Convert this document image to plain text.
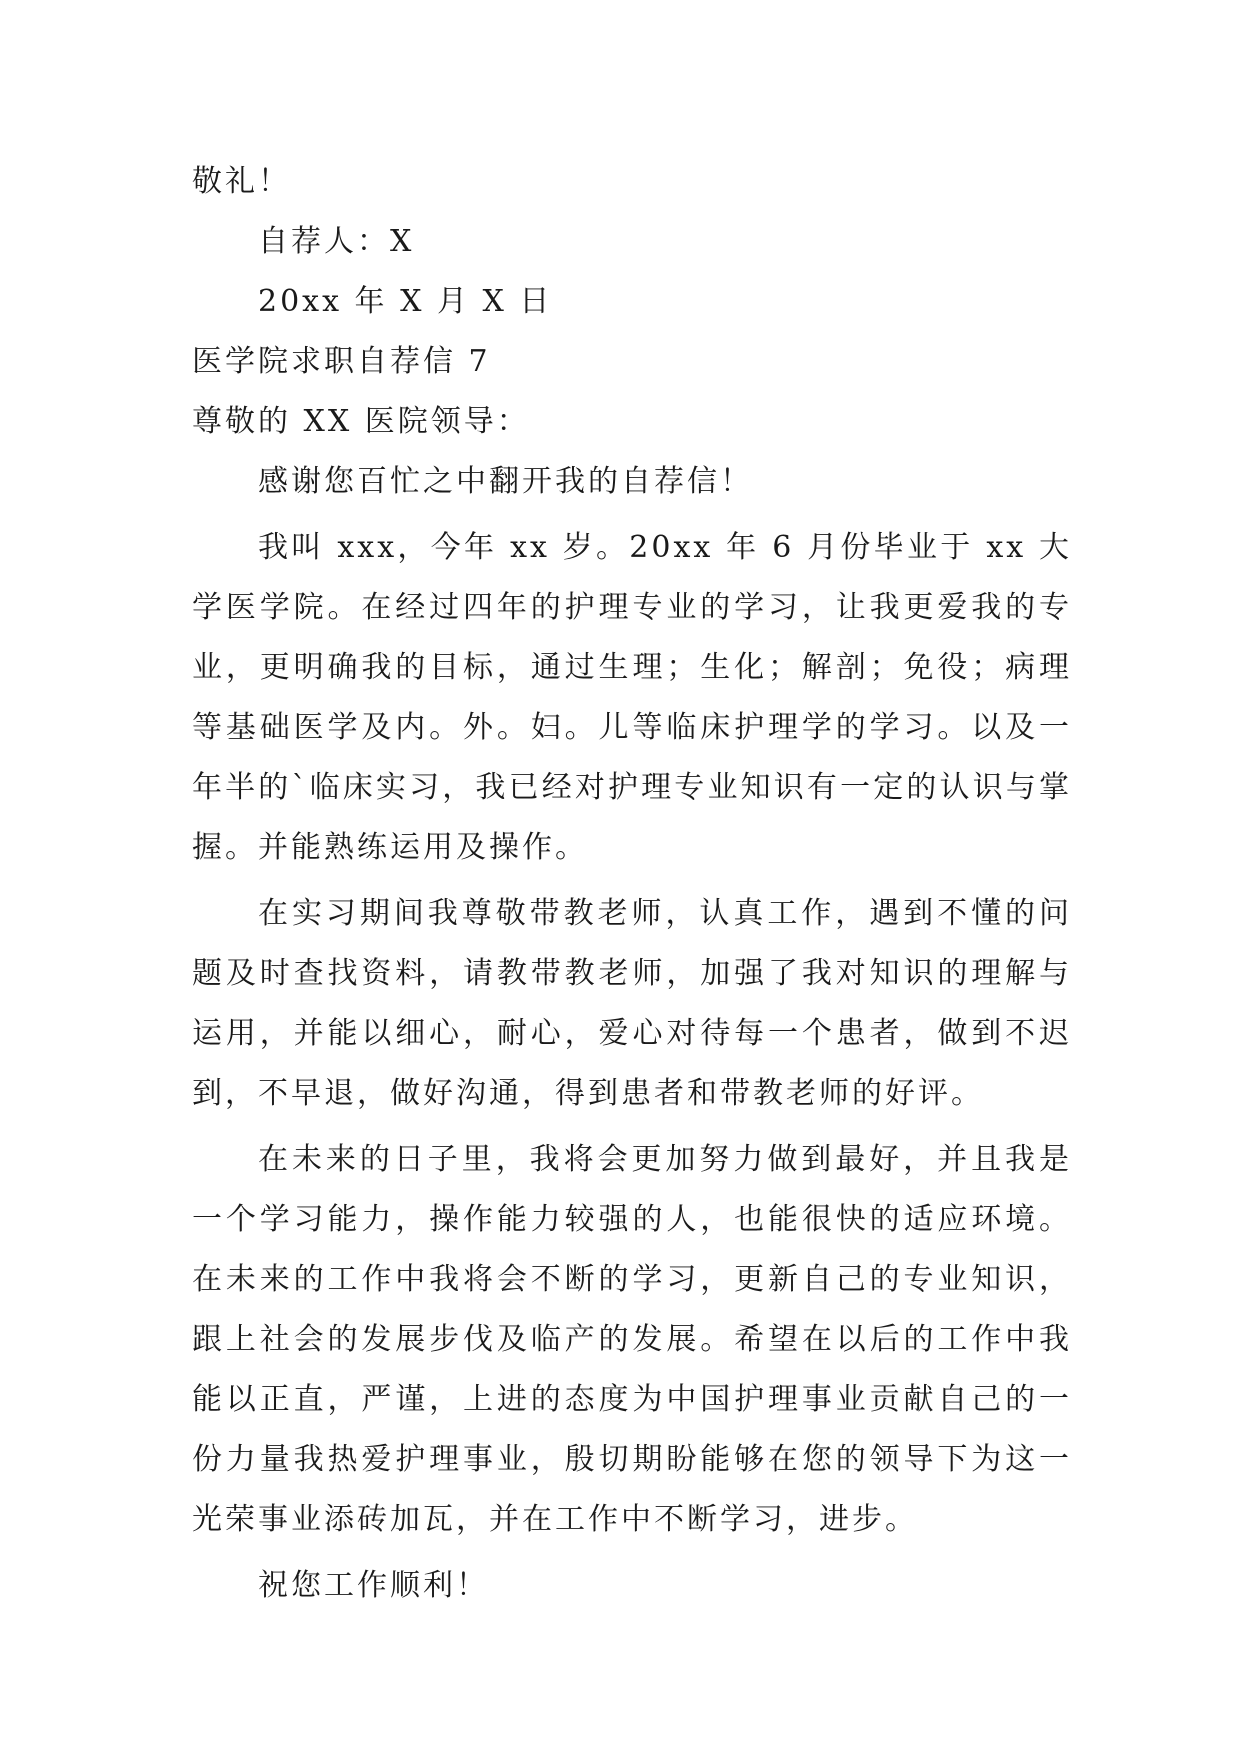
敬礼！
自荐人：X
20xx 年 X 月 X 日
医学院求职自荐信 7
尊敬的 XX 医院领导：
感谢您百忙之中翻开我的自荐信！
我叫 xxx，今年 xx 岁。20xx 年 6 月份毕业于 xx 大学医学院。在经过四年的护理专业的学习，让我更爱我的专业，更明确我的目标，通过生理；生化；解剖；免役；病理等基础医学及内。外。妇。儿等临床护理学的学习。以及一年半的`临床实习，我已经对护理专业知识有一定的认识与掌握。并能熟练运用及操作。
在实习期间我尊敬带教老师，认真工作，遇到不懂的问题及时查找资料，请教带教老师，加强了我对知识的理解与运用，并能以细心，耐心，爱心对待每一个患者，做到不迟到，不早退，做好沟通，得到患者和带教老师的好评。
在未来的日子里，我将会更加努力做到最好，并且我是一个学习能力，操作能力较强的人，也能很快的适应环境。在未来的工作中我将会不断的学习，更新自己的专业知识，跟上社会的发展步伐及临产的发展。希望在以后的工作中我能以正直，严谨，上进的态度为中国护理事业贡献自己的一份力量我热爱护理事业，殷切期盼能够在您的领导下为这一光荣事业添砖加瓦，并在工作中不断学习，进步。
祝您工作顺利！
